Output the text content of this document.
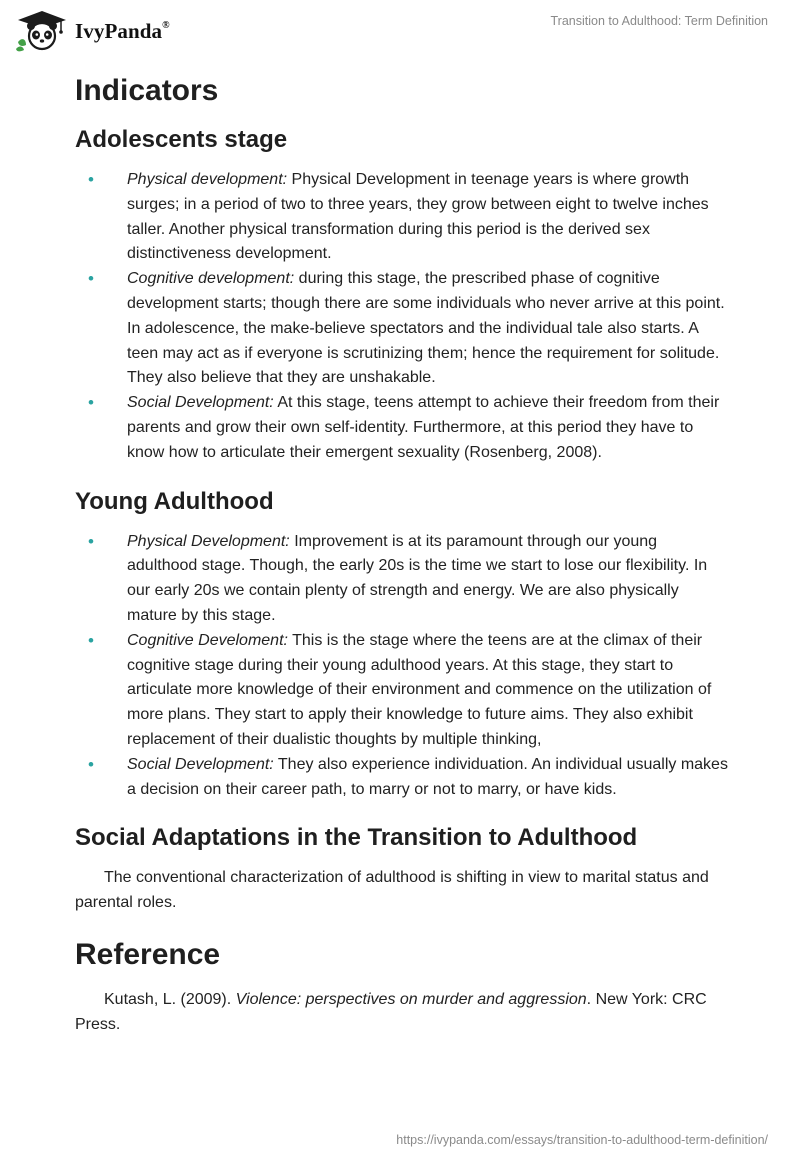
IvyPanda®	Transition to Adulthood: Term Definition
Indicators
Adolescents stage
• Physical development: Physical Development in teenage years is where growth surges; in a period of two to three years, they grow between eight to twelve inches taller. Another physical transformation during this period is the derived sex distinctiveness development.
• Cognitive development: during this stage, the prescribed phase of cognitive development starts; though there are some individuals who never arrive at this point. In adolescence, the make-believe spectators and the individual tale also starts. A teen may act as if everyone is scrutinizing them; hence the requirement for solitude. They also believe that they are unshakable.
• Social Development: At this stage, teens attempt to achieve their freedom from their parents and grow their own self-identity. Furthermore, at this period they have to know how to articulate their emergent sexuality (Rosenberg, 2008).
Young Adulthood
• Physical Development: Improvement is at its paramount through our young adulthood stage. Though, the early 20s is the time we start to lose our flexibility. In our early 20s we contain plenty of strength and energy. We are also physically mature by this stage.
• Cognitive Develoment: This is the stage where the teens are at the climax of their cognitive stage during their young adulthood years. At this stage, they start to articulate more knowledge of their environment and commence on the utilization of more plans. They start to apply their knowledge to future aims. They also exhibit replacement of their dualistic thoughts by multiple thinking,
• Social Development: They also experience individuation. An individual usually makes a decision on their career path, to marry or not to marry, or have kids.
Social Adaptations in the Transition to Adulthood

The conventional characterization of adulthood is shifting in view to marital status and parental roles.

Reference

Kutash, L. (2009). Violence: perspectives on murder and aggression. New York: CRC Press.

https://ivypanda.com/essays/transition-to-adulthood-term-definition/
